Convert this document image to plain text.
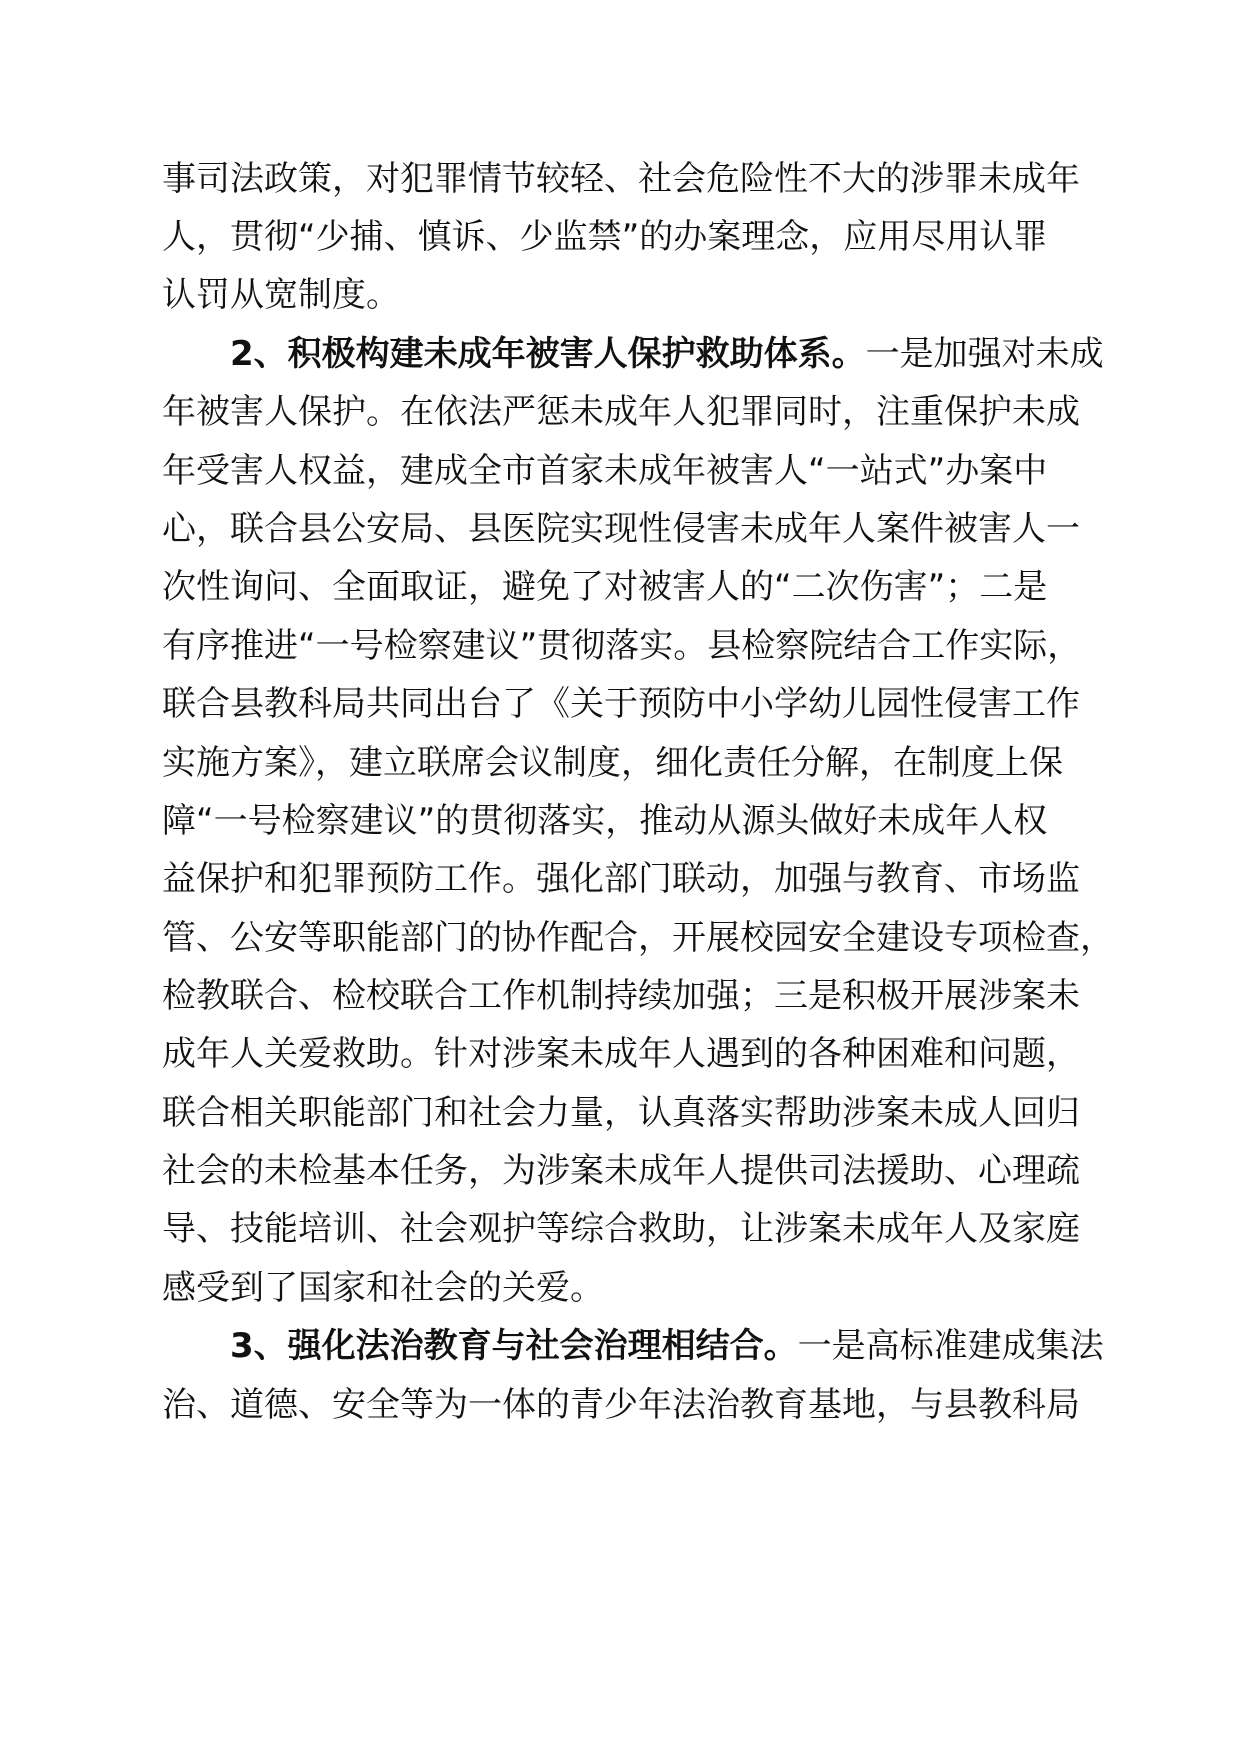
事司法政策，对犯罪情节较轻、社会危险性不大的涉罪未成年
人，贯彻“少捕、慎诉、少监禁”的办案理念，应用尽用认罪
认罚从宽制度。
2、积极构建未成年被害人保护救助体系。一是加强对未成
年被害人保护。在依法严惩未成年人犯罪同时，注重保护未成
年受害人权益，建成全市首家未成年被害人“一站式”办案中
心，联合县公安局、县医院实现性侵害未成年人案件被害人一
次性询问、全面取证，避免了对被害人的“二次伤害”；二是
有序推进“一号检察建议”贯彻落实。县检察院结合工作实际，
联合县教科局共同出台了《关于预防中小学幼儿园性侵害工作
实施方案》，建立联席会议制度，细化责任分解，在制度上保
障“一号检察建议”的贯彻落实，推动从源头做好未成年人权
益保护和犯罪预防工作。强化部门联动，加强与教育、市场监
管、公安等职能部门的协作配合，开展校园安全建设专项检查，
检教联合、检校联合工作机制持续加强；三是积极开展涉案未
成年人关爱救助。针对涉案未成年人遇到的各种困难和问题，
联合相关职能部门和社会力量，认真落实帮助涉案未成人回归
社会的未检基本任务，为涉案未成年人提供司法援助、心理疏
导、技能培训、社会观护等综合救助，让涉案未成年人及家庭
感受到了国家和社会的关爱。
3、强化法治教育与社会治理相结合。一是高标准建成集法
治、道德、安全等为一体的青少年法治教育基地，与县教科局
